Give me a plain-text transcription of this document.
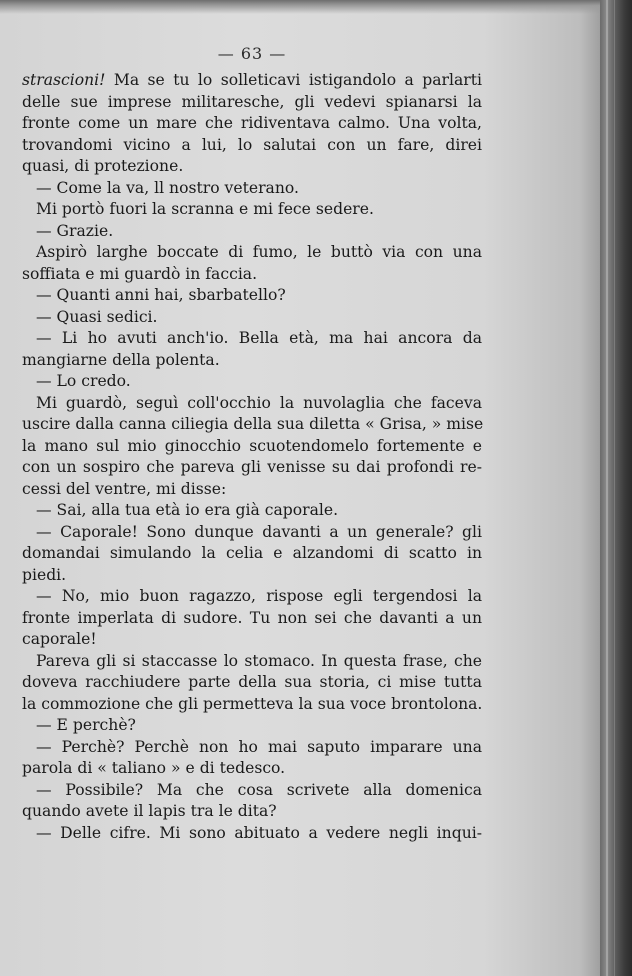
— 63 —
strascioni! Ma se tu lo solleticavi istigandolo a parlarti
delle sue imprese militaresche, gli vedevi spianarsi la
fronte come un mare che ridiventava calmo. Una volta,
trovandomi vicino a lui, lo salutai con un fare, direi
quasi, di protezione.
— Come la va, ll nostro veterano.
Mi portò fuori la scranna e mi fece sedere.
— Grazie.
Aspirò larghe boccate di fumo, le buttò via con una
soffiata e mi guardò in faccia.
— Quanti anni hai, sbarbatello?
— Quasi sedici.
— Li ho avuti anch'io. Bella età, ma hai ancora da
mangiarne della polenta.
— Lo credo.
Mi guardò, seguì coll'occhio la nuvolaglia che faceva
uscire dalla canna ciliegia della sua diletta « Grisa, » mise
la mano sul mio ginocchio scuotendomelo fortemente e
con un sospiro che pareva gli venisse su dai profondi re-
cessi del ventre, mi disse:
— Sai, alla tua età io era già caporale.
— Caporale! Sono dunque davanti a un generale? gli
domandai simulando la celia e alzandomi di scatto in
piedi.
— No, mio buon ragazzo, rispose egli tergendosi la
fronte imperlata di sudore. Tu non sei che davanti a un
caporale!
Pareva gli si staccasse lo stomaco. In questa frase, che
doveva racchiudere parte della sua storia, ci mise tutta
la commozione che gli permetteva la sua voce brontolona.
— E perchè?
— Perchè? Perchè non ho mai saputo imparare una
parola di « taliano » e di tedesco.
— Possibile? Ma che cosa scrivete alla domenica
quando avete il lapis tra le dita?
— Delle cifre. Mi sono abituato a vedere negli inqui-
